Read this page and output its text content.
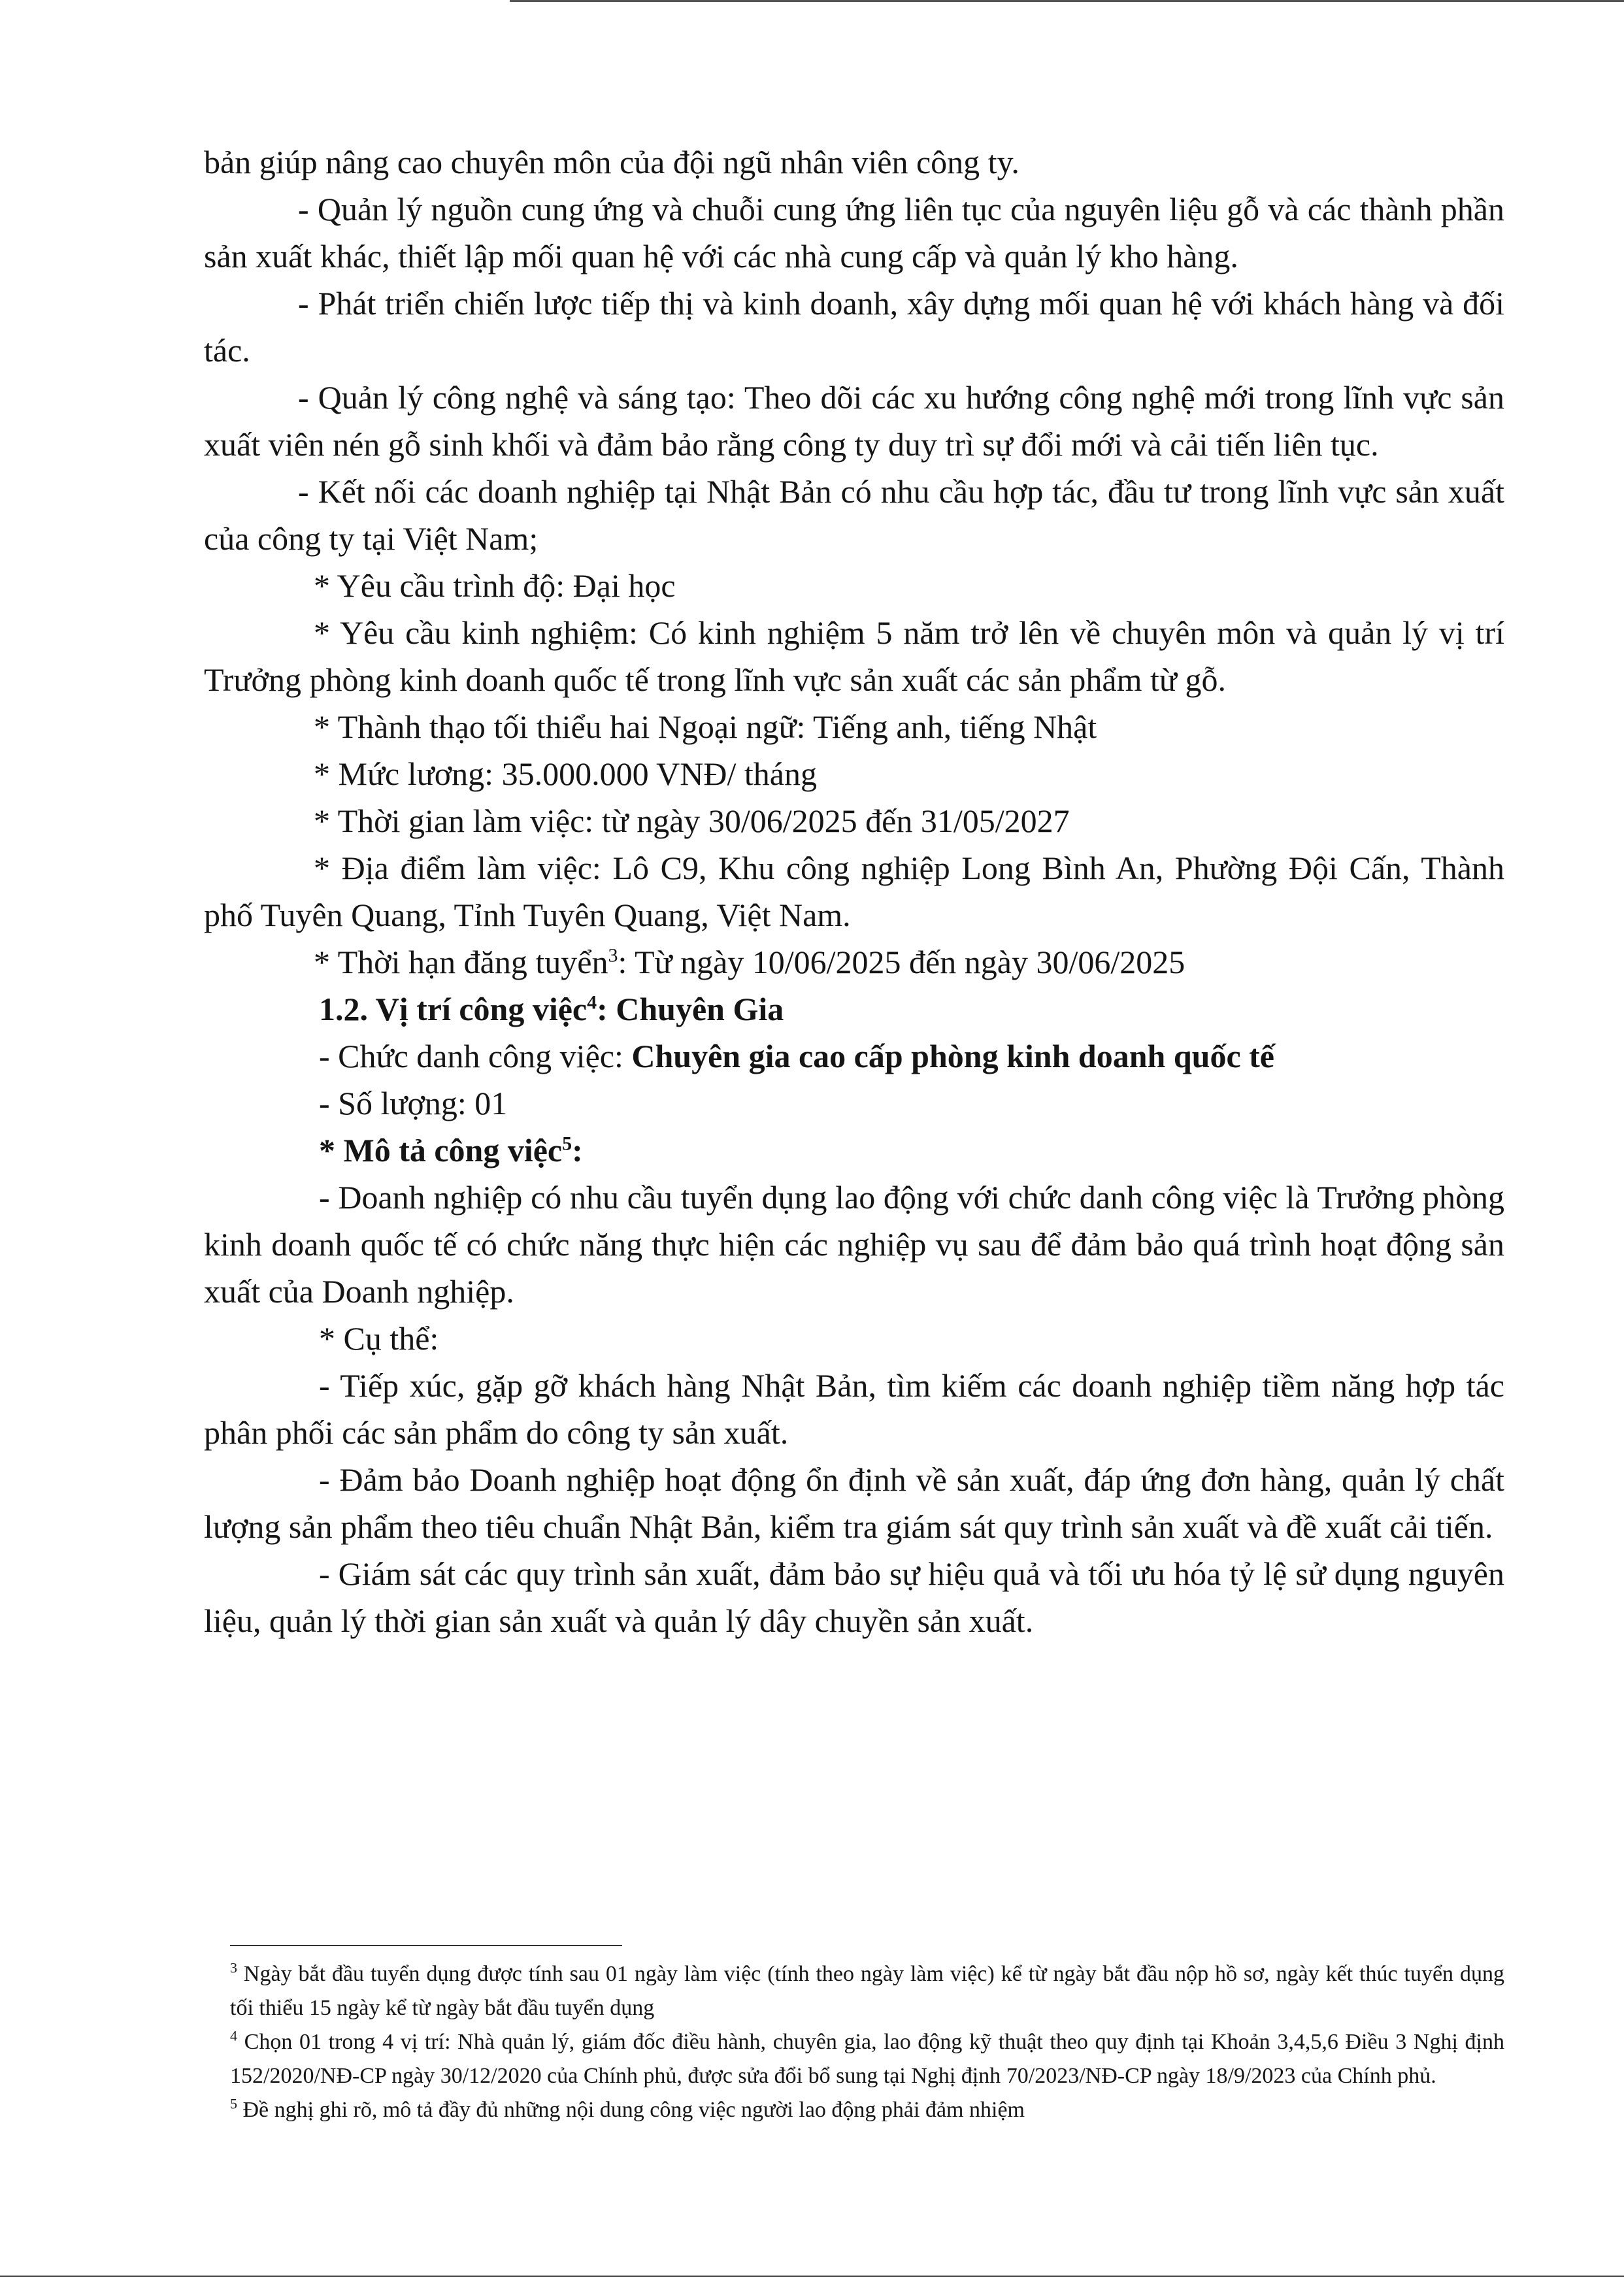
bản giúp nâng cao chuyên môn của đội ngũ nhân viên công ty.

- Quản lý nguồn cung ứng và chuỗi cung ứng liên tục của nguyên liệu gỗ và các thành phần sản xuất khác, thiết lập mối quan hệ với các nhà cung cấp và quản lý kho hàng.

- Phát triển chiến lược tiếp thị và kinh doanh, xây dựng mối quan hệ với khách hàng và đối tác.

- Quản lý công nghệ và sáng tạo: Theo dõi các xu hướng công nghệ mới trong lĩnh vực sản xuất viên nén gỗ sinh khối và đảm bảo rằng công ty duy trì sự đổi mới và cải tiến liên tục.

- Kết nối các doanh nghiệp tại Nhật Bản có nhu cầu hợp tác, đầu tư trong lĩnh vực sản xuất của công ty tại Việt Nam;

* Yêu cầu trình độ: Đại học

* Yêu cầu kinh nghiệm: Có kinh nghiệm 5 năm trở lên về chuyên môn và quản lý vị trí Trưởng phòng kinh doanh quốc tế trong lĩnh vực sản xuất các sản phẩm từ gỗ.

* Thành thạo tối thiểu hai Ngoại ngữ: Tiếng anh, tiếng Nhật

* Mức lương: 35.000.000 VNĐ/ tháng

* Thời gian làm việc: từ ngày 30/06/2025 đến 31/05/2027

* Địa điểm làm việc: Lô C9, Khu công nghiệp Long Bình An, Phường Đội Cấn, Thành phố Tuyên Quang, Tỉnh Tuyên Quang, Việt Nam.

* Thời hạn đăng tuyển$^3$: Từ ngày 10/06/2025 đến ngày 30/06/2025

1.2. Vị trí công việc$^4$: Chuyên Gia

- Chức danh công việc: Chuyên gia cao cấp phòng kinh doanh quốc tế

- Số lượng: 01

* Mô tả công việc$^5$:

- Doanh nghiệp có nhu cầu tuyển dụng lao động với chức danh công việc là Trưởng phòng kinh doanh quốc tế có chức năng thực hiện các nghiệp vụ sau để đảm bảo quá trình hoạt động sản xuất của Doanh nghiệp.

* Cụ thể:

- Tiếp xúc, gặp gỡ khách hàng Nhật Bản, tìm kiếm các doanh nghiệp tiềm năng hợp tác phân phối các sản phẩm do công ty sản xuất.

- Đảm bảo Doanh nghiệp hoạt động ổn định về sản xuất, đáp ứng đơn hàng, quản lý chất lượng sản phẩm theo tiêu chuẩn Nhật Bản, kiểm tra giám sát quy trình sản xuất và đề xuất cải tiến.

- Giám sát các quy trình sản xuất, đảm bảo sự hiệu quả và tối ưu hóa tỷ lệ sử dụng nguyên liệu, quản lý thời gian sản xuất và quản lý dây chuyền sản xuất.

$^3$ Ngày bắt đầu tuyển dụng được tính sau 01 ngày làm việc (tính theo ngày làm việc) kể từ ngày bắt đầu nộp hồ sơ, ngày kết thúc tuyển dụng tối thiểu 15 ngày kể từ ngày bắt đầu tuyển dụng

$^4$ Chọn 01 trong 4 vị trí: Nhà quản lý, giám đốc điều hành, chuyên gia, lao động kỹ thuật theo quy định tại Khoản 3,4,5,6 Điều 3 Nghị định 152/2020/NĐ-CP ngày 30/12/2020 của Chính phủ, được sửa đổi bổ sung tại Nghị định 70/2023/NĐ-CP ngày 18/9/2023 của Chính phủ.

$^5$ Đề nghị ghi rõ, mô tả đầy đủ những nội dung công việc người lao động phải đảm nhiệm
